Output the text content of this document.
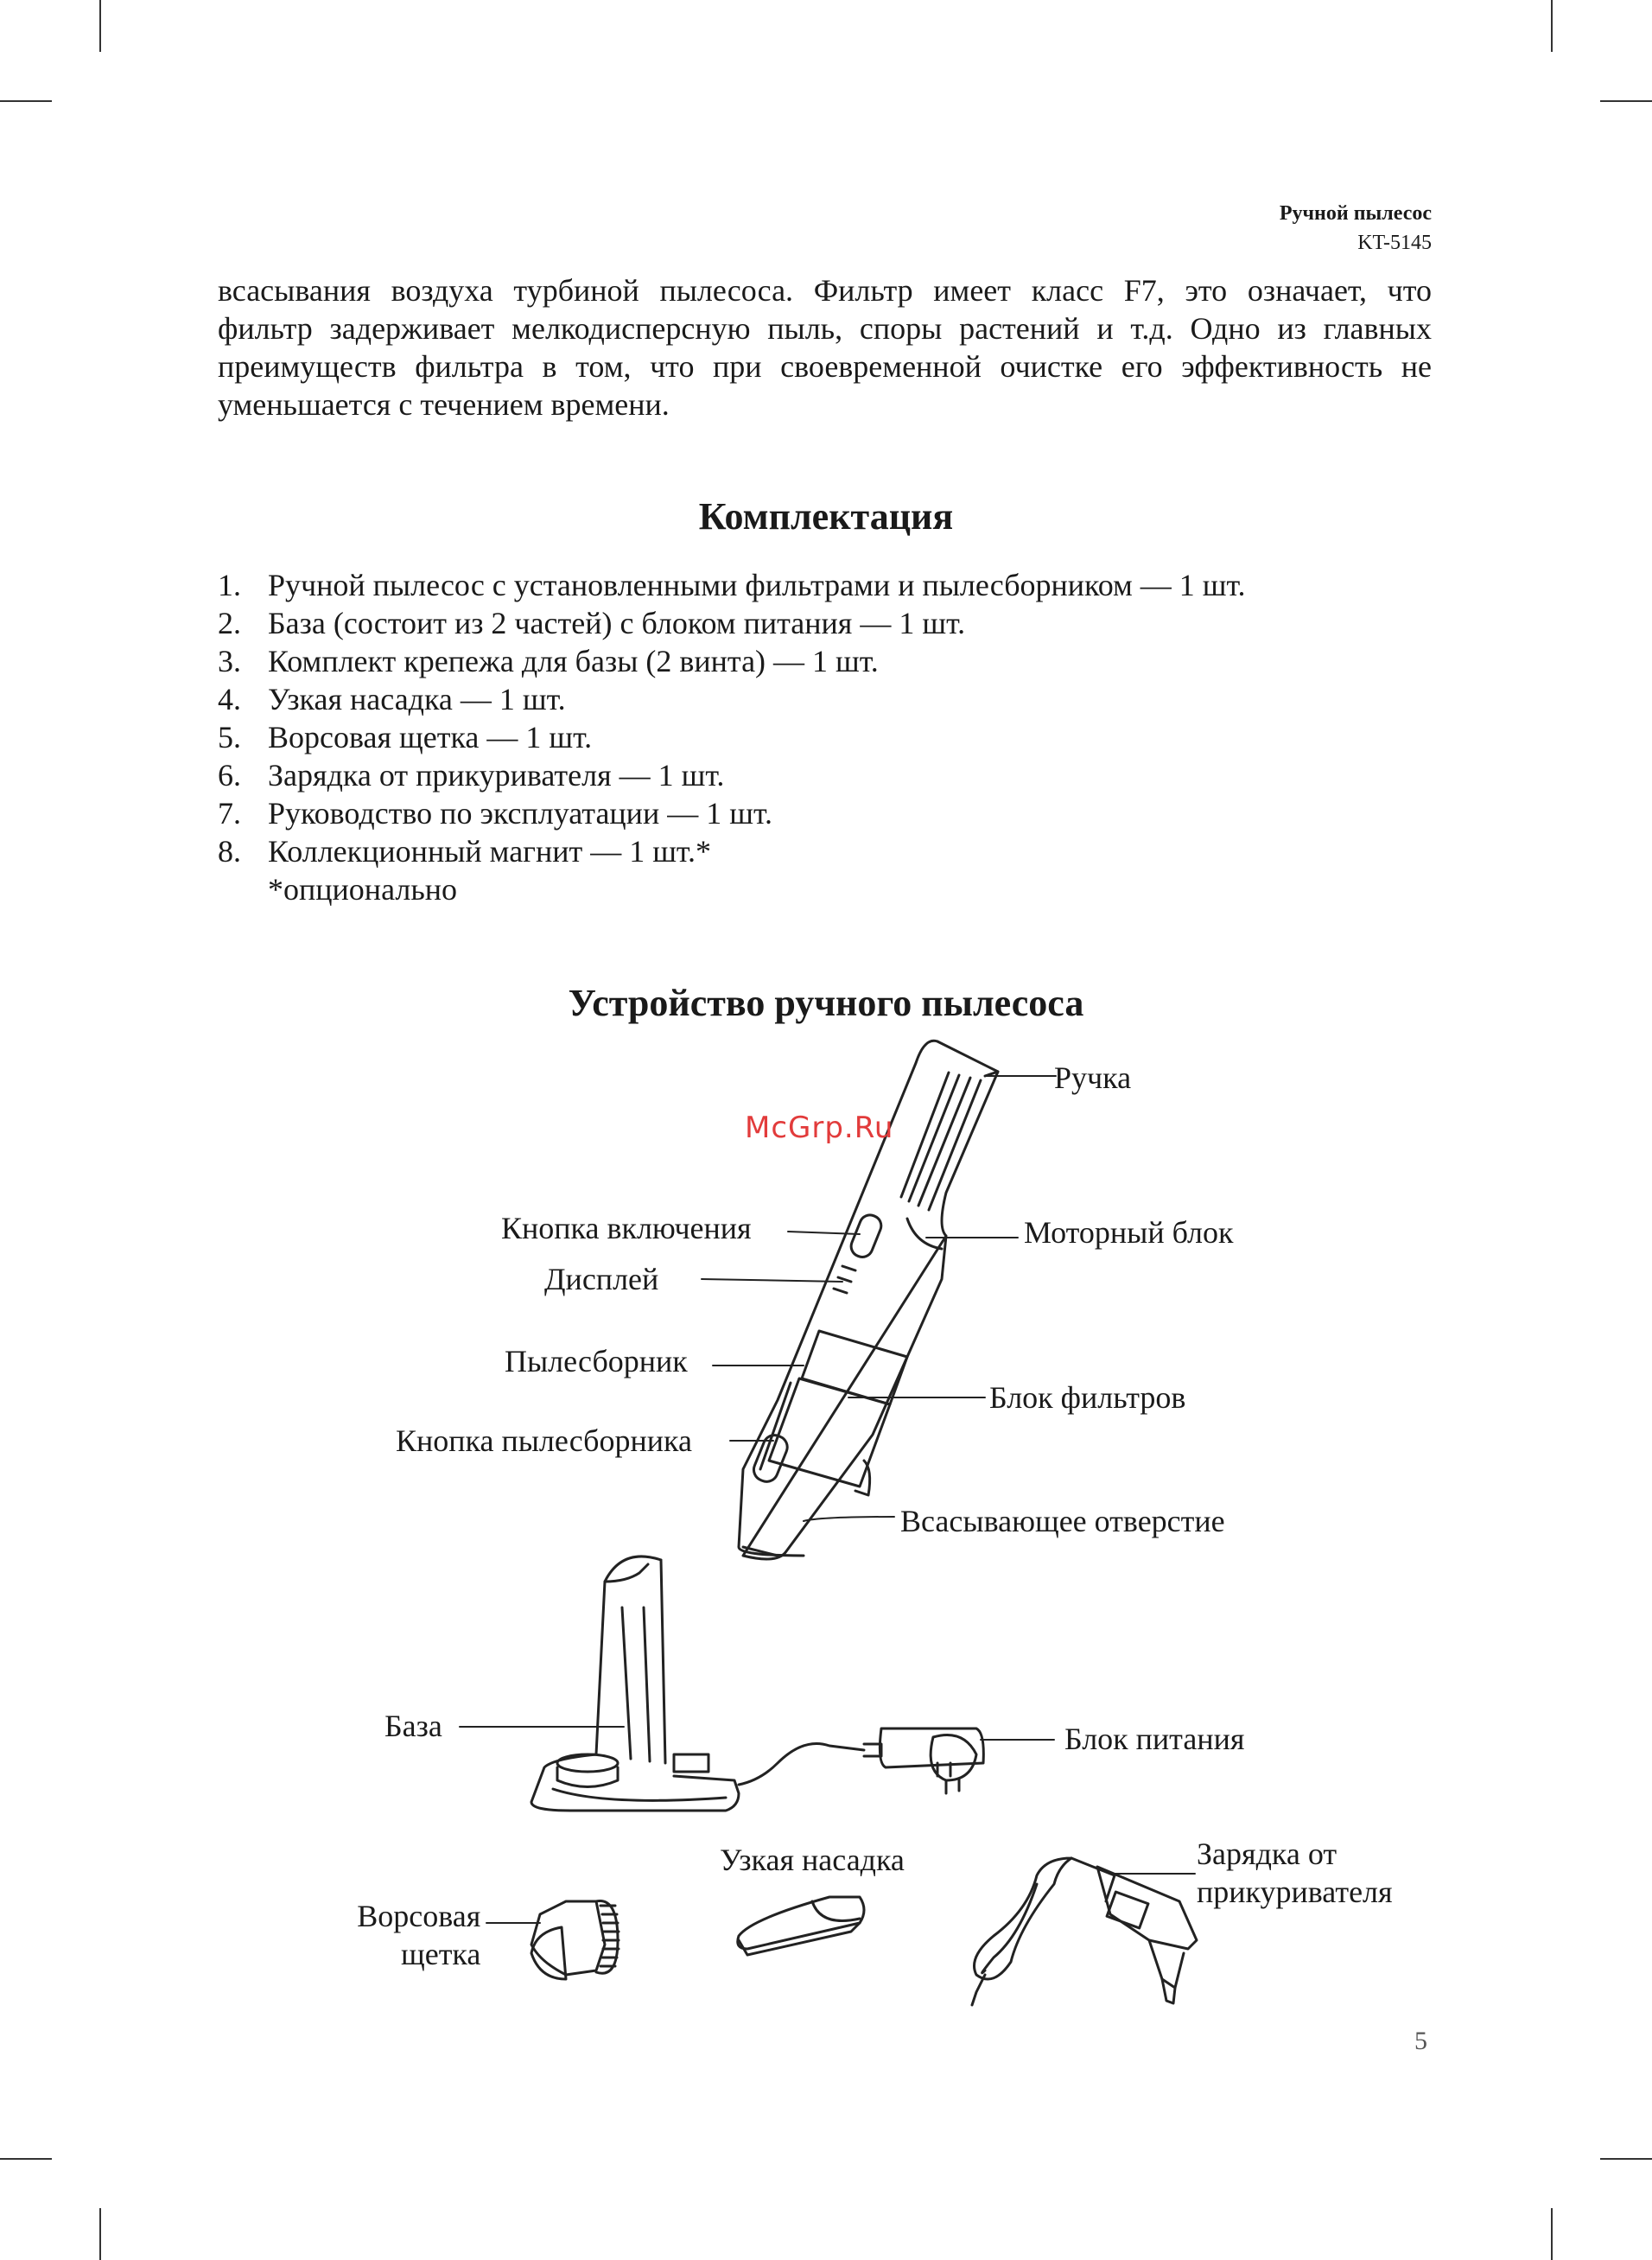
Ручной пылесос
KT-5145
всасывания воздуха турбиной пылесоса. Фильтр имеет класс F7, это означает, что
фильтр задерживает мелкодисперсную пыль, споры растений и т.д. Одно из главных
преимуществ фильтра в том, что при своевременной очистке его эффективность не
уменьшается с течением времени.
Комплектация
1. Ручной пылесос с установленными фильтрами и пылесборником — 1 шт.
2. База (состоит из 2 частей) с блоком питания — 1 шт.
3. Комплект крепежа для базы (2 винта) — 1 шт.
4. Узкая насадка — 1 шт.
5. Ворсовая щетка — 1 шт.
6. Зарядка от прикуривателя — 1 шт.
7. Руководство по эксплуатации — 1 шт.
8. Коллекционный магнит — 1 шт.*
*опционально
Устройство ручного пылесоса
Ручка
Кнопка включения	Моторный блок
Дисплей
Пылесборник
Блок фильтров
Кнопка пылесборника
Всасывающее отверстие
База	Блок питания
Узкая насадка	Зарядка от
прикуривателя
Ворсовая
щетка
McGrp.Ru
5
